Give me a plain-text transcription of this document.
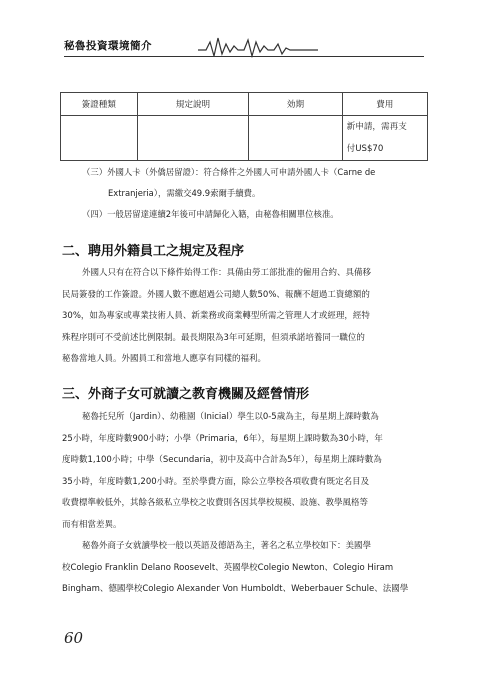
秘魯投資環境簡介
簽證種類	規定說明	効期	費用

			新申請，需再支
付US$70
（三）外國人卡（外僑居留證）：符合條件之外國人可申請外國人卡（Carne de
Extranjeria），需繳交49.9索爾手續費。
（四）一般居留達連續2年後可申請歸化入籍，由秘魯相關單位核准。
二、聘用外籍員工之規定及程序

外國人只有在符合以下條件始得工作：具備由勞工部批准的僱用合約、具備移

民局簽發的工作簽證。外國人數不應超過公司總人數50%、報酬不超過工資總額的

30%，如為專家或專業技術人員、新業務或商業轉型所需之管理人才或經理，經特

殊程序則可不受前述比例限制。最長期限為3年可延期，但須承諾培養同一職位的

秘魯當地人員。外國員工和當地人應享有同樣的福利。

三、外商子女可就讀之教育機關及經營情形

秘魯托兒所（Jardin）、幼稚園（Inicial）學生以0-5歲為主，每星期上課時數為

25小時，年度時數900小時；小學（Primaria，6年），每星期上課時數為30小時，年

度時數1,100小時；中學（Secundaria，初中及高中合計為5年），每星期上課時數為

35小時，年度時數1,200小時。至於學費方面，除公立學校各項收費有既定名目及

收費標準較低外，其餘各級私立學校之收費則各因其學校規模、設施、教學風格等

而有相當差異。

秘魯外商子女就讀學校一般以英語及德語為主，著名之私立學校如下：美國學

校Colegio Franklin Delano Roosevelt、英國學校Colegio Newton、Colegio Hiram

Bingham、德國學校Colegio Alexander Von Humboldt、Weberbauer Schule、法國學

60
